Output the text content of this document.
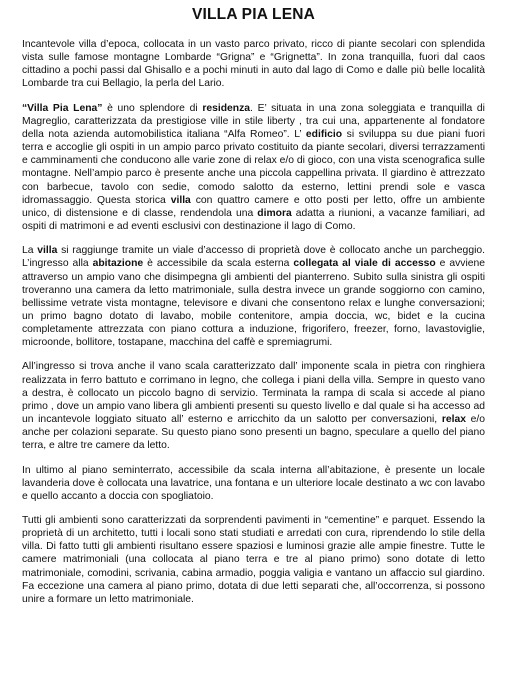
VILLA PIA LENA

Incantevole villa d’epoca, collocata in un vasto parco privato, ricco di piante secolari con splendida vista sulle famose montagne Lombarde “Grigna” e “Grignetta”. In zona tranquilla, fuori dal caos cittadino a pochi passi dal Ghisallo e a pochi minuti in auto dal lago di Como e dalle più belle località Lombarde tra cui Bellagio, la perla del Lario.

“Villa Pia Lena” è uno splendore di residenza. E’ situata in una zona soleggiata e tranquilla di Magreglio, caratterizzata da prestigiose ville in stile liberty , tra cui una, appartenente al fondatore della nota azienda automobilistica italiana “Alfa Romeo”. L’ edificio si sviluppa su due piani fuori terra e accoglie gli ospiti in un ampio parco privato costituito da piante secolari, diversi terrazzamenti e camminamenti che conducono alle varie zone di relax e/o di gioco, con una vista scenografica sulle montagne. Nell’ampio parco è presente anche una piccola cappellina privata. Il giardino è attrezzato con barbecue, tavolo con sedie, comodo salotto da esterno, lettini prendi sole e vasca idromassaggio. Questa storica villa con quattro camere e otto posti per letto, offre un ambiente unico, di distensione e di classe, rendendola una dimora adatta a riunioni, a vacanze familiari, ad ospiti di matrimoni e ad eventi esclusivi con destinazione il lago di Como.

La villa si raggiunge tramite un viale d’accesso di proprietà dove è collocato anche un parcheggio. L’ingresso alla abitazione è accessibile da scala esterna collegata al viale di accesso e avviene attraverso un ampio vano che disimpegna gli ambienti del pianterreno. Subito sulla sinistra gli ospiti troveranno una camera da letto matrimoniale, sulla destra invece un grande soggiorno con camino, bellissime vetrate vista montagne, televisore e divani che consentono relax e lunghe conversazioni; un primo bagno dotato di lavabo, mobile contenitore, ampia doccia, wc, bidet e la cucina completamente attrezzata con piano cottura a induzione, frigorifero, freezer, forno, lavastoviglie, microonde, bollitore, tostapane, macchina del caffè e spremiagrumi.

All’ingresso si trova anche il vano scala caratterizzato dall’ imponente scala in pietra con ringhiera realizzata in ferro battuto e corrimano in legno, che collega i piani della villa. Sempre in questo vano a destra, è collocato un piccolo bagno di servizio. Terminata la rampa di scala si accede al piano primo , dove un ampio vano libera gli ambienti presenti su questo livello e dal quale si ha accesso ad un incantevole loggiato situato all’ esterno e arricchito da un salotto per conversazioni, relax e/o anche per colazioni separate. Su questo piano sono presenti un bagno, speculare a quello del piano terra, e altre tre camere da letto.

In ultimo al piano seminterrato, accessibile da scala interna all’abitazione, è presente un locale lavanderia dove è collocata una lavatrice, una fontana e un ulteriore locale destinato a wc con lavabo e quello accanto a doccia con spogliatoio.

Tutti gli ambienti sono caratterizzati da sorprendenti pavimenti in “cementine” e parquet. Essendo la proprietà di un architetto, tutti i locali sono stati studiati e arredati con cura, riprendendo lo stile della villa. Di fatto tutti gli ambienti risultano essere spaziosi e luminosi grazie alle ampie finestre. Tutte le camere matrimoniali (una collocata al piano terra e tre al piano primo) sono dotate di letto matrimoniale, comodini, scrivania, cabina armadio, poggia valigia e vantano un affaccio sul giardino. Fa eccezione una camera al piano primo, dotata di due letti separati che, all’occorrenza, si possono unire a formare un letto matrimoniale.
